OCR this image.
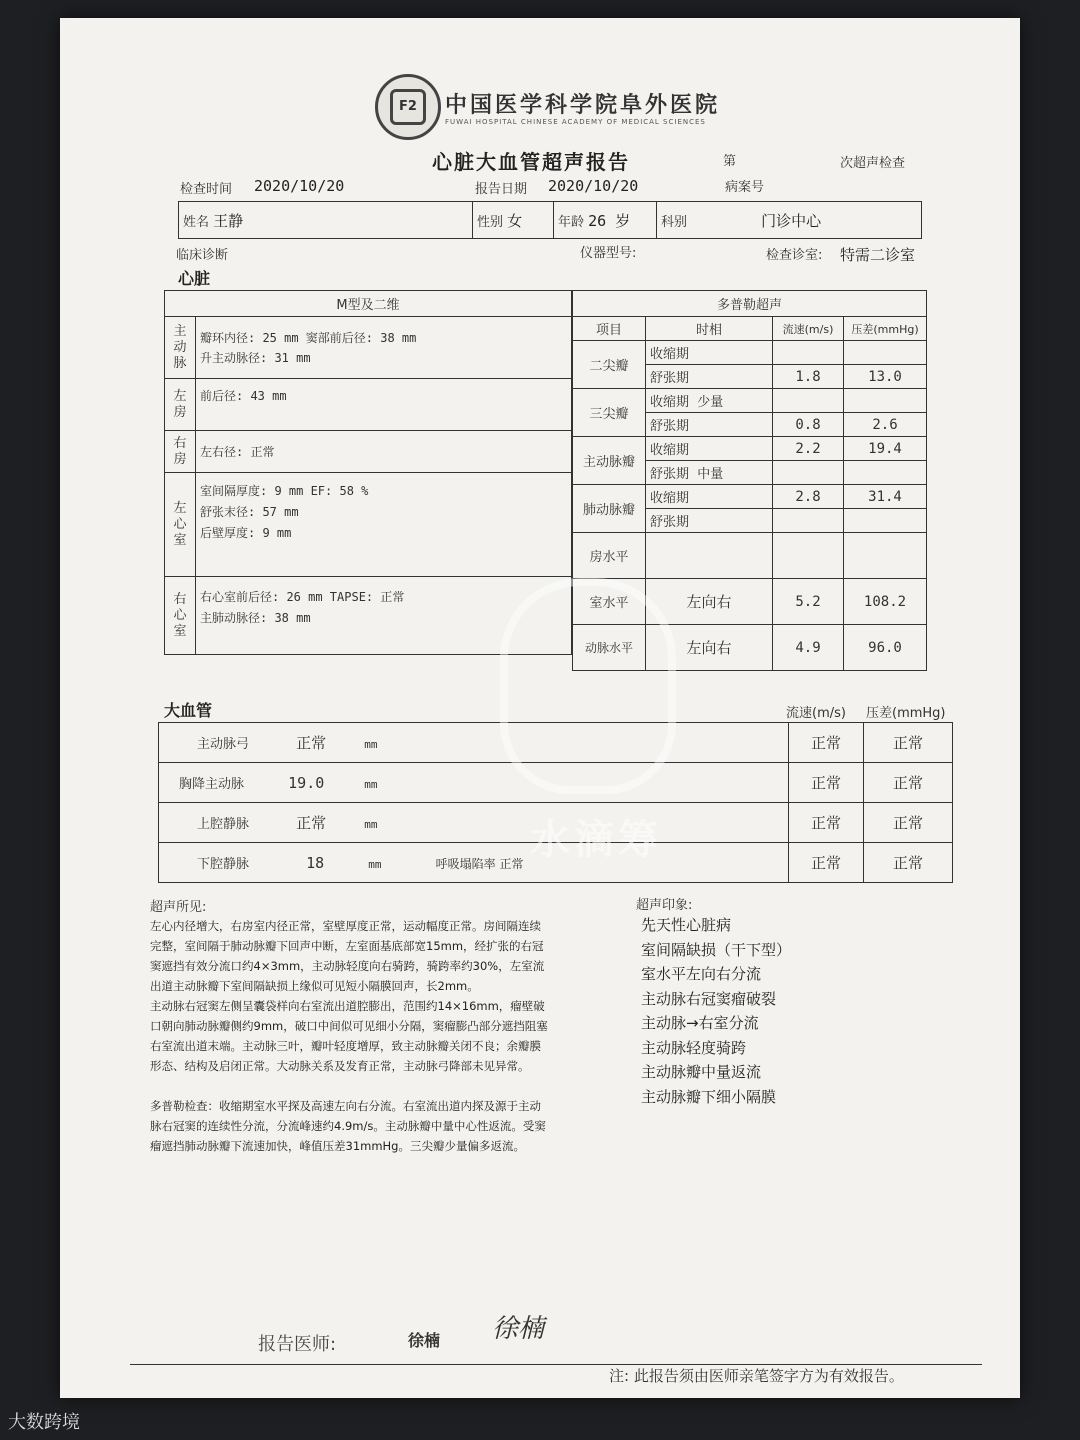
F2	中国医学科学院阜外医院
FUWAI HOSPITAL CHINESE ACADEMY OF MEDICAL SCIENCES
心脏大血管超声报告	第	次超声检查
检查时间 2020/10/20	报告日期 2020/10/20	病案号
姓名 王静	性别 女	年龄 26 岁	科别	门诊中心
临床诊断	仪器型号:	检查诊室: 特需二诊室
心脏
M型及二维	
主动脉	瓣环内径: 25 mm 窦部前后径: 38 mm
升主动脉径: 31 mm

左房	前后径: 43 mm

右房	左右径: 正常

左心室	室间隔厚度: 9 mm EF: 58 %
舒张末径: 57 mm
后壁厚度: 9 mm

右心室	右心室前后径: 26 mm TAPSE: 正常
主肺动脉径: 38 mm
多普勒超声			
项目	时相	流速(m/s)	压差(mmHg)
二尖瓣	收缩期		
	舒张期	1.8	13.0
三尖瓣	收缩期 少量		
	舒张期	0.8	2.6
主动脉瓣	收缩期	2.2	19.4
	舒张期 中量		
肺动脉瓣	收缩期	2.8	31.4
	舒张期		
房水平			
室水平	左向右	5.2	108.2
动脉水平	左向右	4.9	96.0
大血管	流速(m/s) 压差(mmHg)
主动脉弓 正常 mm	正常	正常
胸降主动脉 19.0 mm	正常	正常
上腔静脉 正常 mm	正常	正常
下腔静脉 18 mm 呼吸塌陷率 正常	正常	正常
水滴筹
超声所见:

左心内径增大，右房室内径正常，室壁厚度正常，运动幅度正常。房间隔连续完整，室间隔于肺动脉瓣下回声中断，左室面基底部宽15mm，经扩张的右冠窦遮挡有效分流口约4×3mm，主动脉轻度向右骑跨，骑跨率约30%，左室流出道主动脉瓣下室间隔缺损上缘似可见短小隔膜回声，长2mm。

主动脉右冠窦左侧呈囊袋样向右室流出道腔膨出，范围约14×16mm，瘤壁破口朝向肺动脉瓣侧约9mm，破口中间似可见细小分隔，窦瘤膨凸部分遮挡阻塞右室流出道末端。主动脉三叶，瓣叶轻度增厚，致主动脉瓣关闭不良；余瓣膜形态、结构及启闭正常。大动脉关系及发育正常，主动脉弓降部未见异常。

多普勒检查：收缩期室水平探及高速左向右分流。右室流出道内探及源于主动脉右冠窦的连续性分流，分流峰速约4.9m/s。主动脉瓣中量中心性返流。受窦瘤遮挡肺动脉瓣下流速加快，峰值压差31mmHg。三尖瓣少量偏多返流。

超声印象:
先天性心脏病
室间隔缺损（干下型）
室水平左向右分流
主动脉右冠窦瘤破裂
主动脉→右室分流
主动脉轻度骑跨
主动脉瓣中量返流
主动脉瓣下细小隔膜
报告医师:	徐楠 徐楠
注: 此报告须由医师亲笔签字方为有效报告。
大数跨境
